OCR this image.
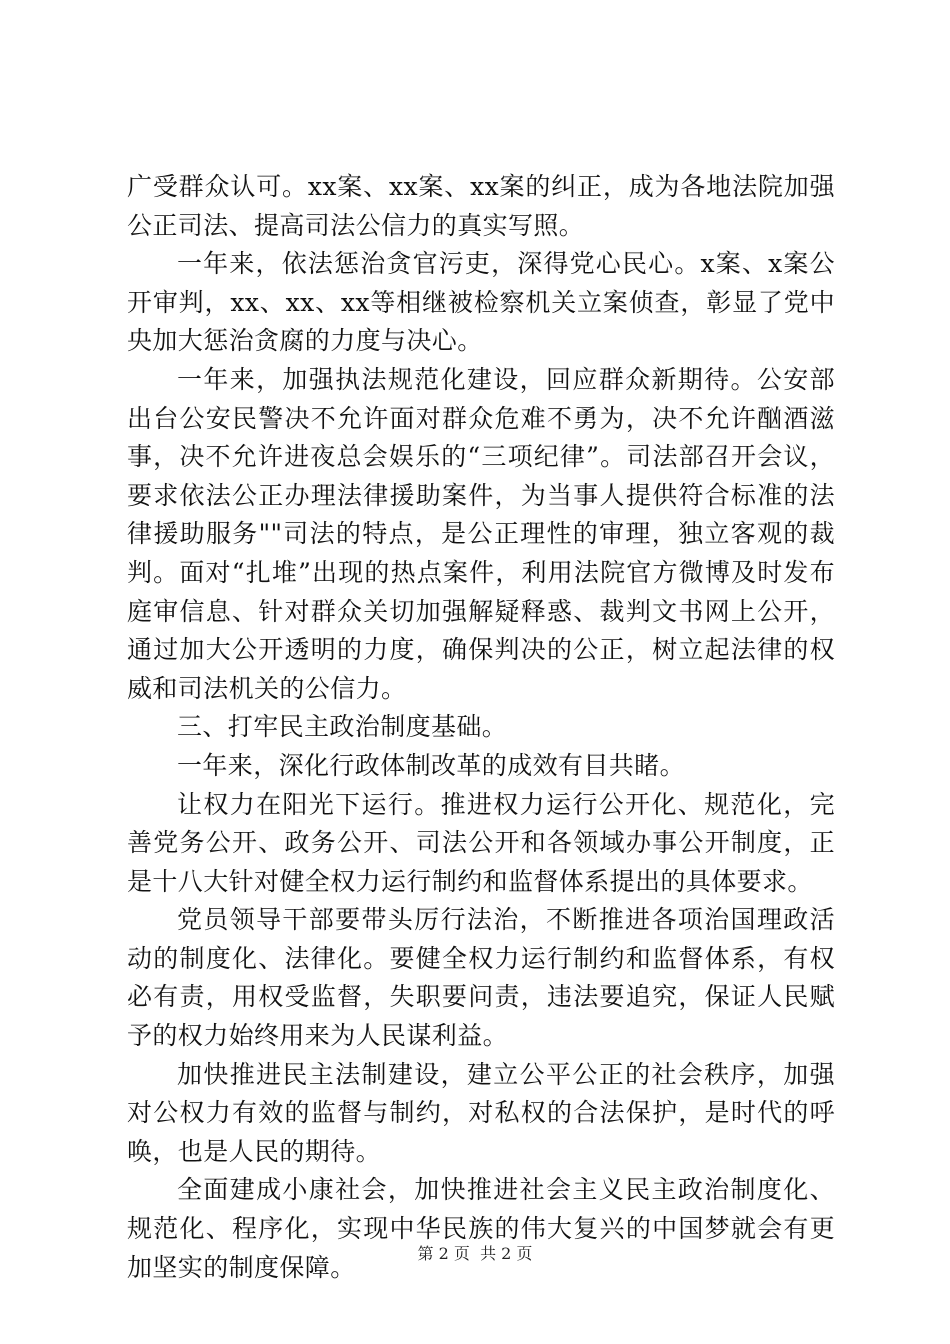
广受群众认可。xx案、xx案、xx案的纠正，成为各地法院加强公正司法、提高司法公信力的真实写照。

一年来，依法惩治贪官污吏，深得党心民心。x案、x案公开审判，xx、xx、xx等相继被检察机关立案侦查，彰显了党中央加大惩治贪腐的力度与决心。

一年来，加强执法规范化建设，回应群众新期待。公安部出台公安民警决不允许面对群众危难不勇为，决不允许酗酒滋事，决不允许进夜总会娱乐的“三项纪律”。司法部召开会议，要求依法公正办理法律援助案件，为当事人提供符合标准的法律援助服务""司法的特点，是公正理性的审理，独立客观的裁判。面对“扎堆”出现的热点案件，利用法院官方微博及时发布庭审信息、针对群众关切加强解疑释惑、裁判文书网上公开，通过加大公开透明的力度，确保判决的公正，树立起法律的权威和司法机关的公信力。

三、打牢民主政治制度基础。

一年来，深化行政体制改革的成效有目共睹。

让权力在阳光下运行。推进权力运行公开化、规范化，完善党务公开、政务公开、司法公开和各领域办事公开制度，正是十八大针对健全权力运行制约和监督体系提出的具体要求。

党员领导干部要带头厉行法治，不断推进各项治国理政活动的制度化、法律化。要健全权力运行制约和监督体系，有权必有责，用权受监督，失职要问责，违法要追究，保证人民赋予的权力始终用来为人民谋利益。

加快推进民主法制建设，建立公平公正的社会秩序，加强对公权力有效的监督与制约，对私权的合法保护，是时代的呼唤，也是人民的期待。

全面建成小康社会，加快推进社会主义民主政治制度化、规范化、程序化，实现中华民族的伟大复兴的中国梦就会有更加坚实的制度保障。	第 2 页  共 2 页
